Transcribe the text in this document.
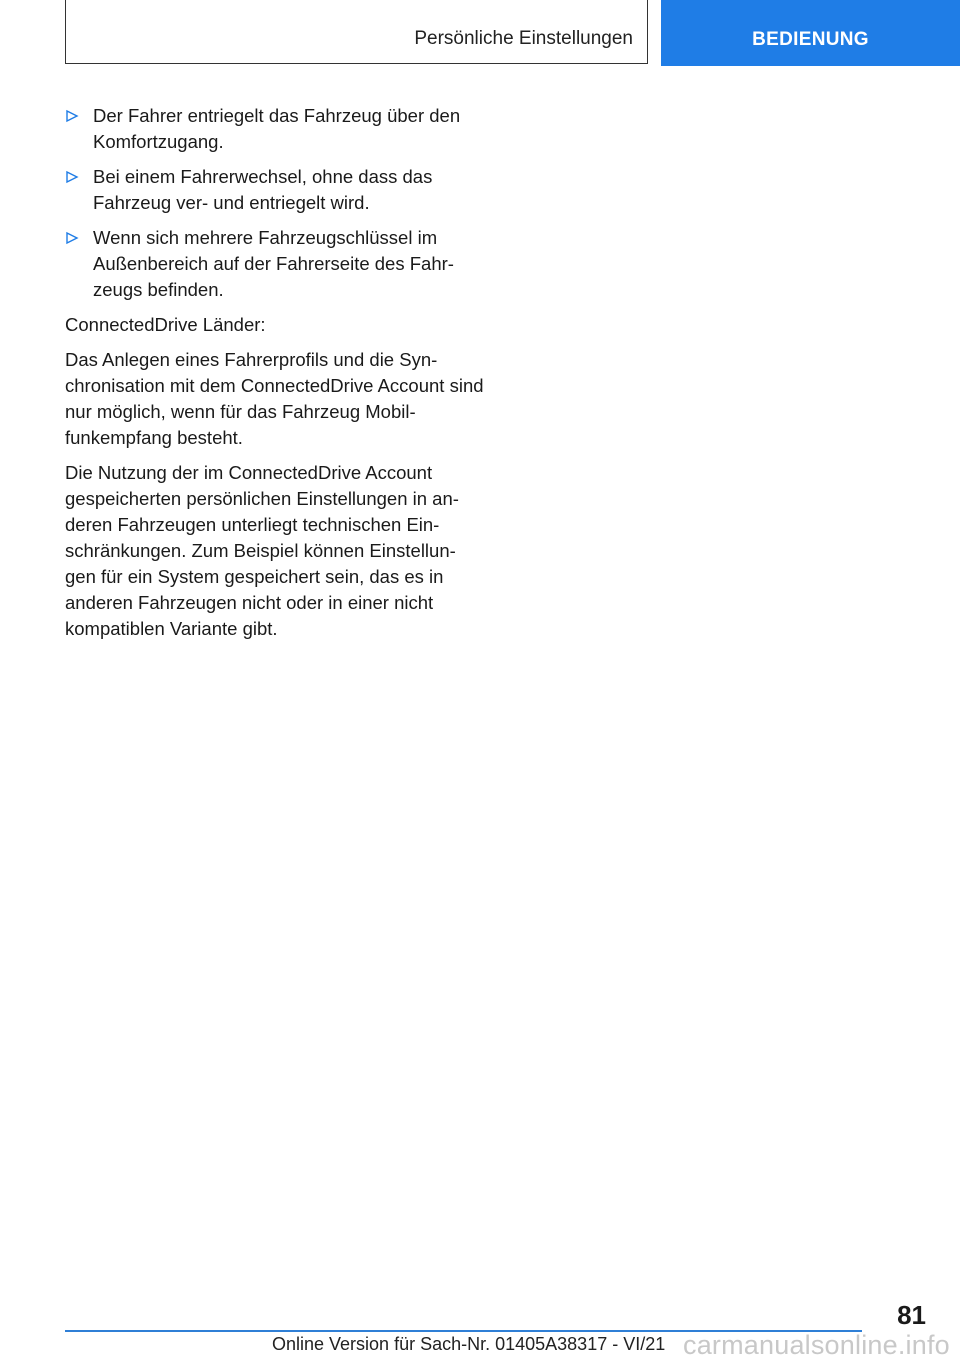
Persönliche Einstellungen	BEDIENUNG
Der Fahrer entriegelt das Fahrzeug über den Komfortzugang.
Bei einem Fahrerwechsel, ohne dass das Fahrzeug ver- und entriegelt wird.
Wenn sich mehrere Fahrzeugschlüssel im Außenbereich auf der Fahrerseite des Fahr-zeugs befinden.

ConnectedDrive Länder:

Das Anlegen eines Fahrerprofils und die Syn-chronisation mit dem ConnectedDrive Account sind nur möglich, wenn für das Fahrzeug Mobil-funkempfang besteht.

Die Nutzung der im ConnectedDrive Account gespeicherten persönlichen Einstellungen in an-deren Fahrzeugen unterliegt technischen Ein-schränkungen. Zum Beispiel können Einstellun-gen für ein System gespeichert sein, das es in anderen Fahrzeugen nicht oder in einer nicht kompatiblen Variante gibt.

81
Online Version für Sach-Nr. 01405A38317 - VI/21 carmanualsonline.info
